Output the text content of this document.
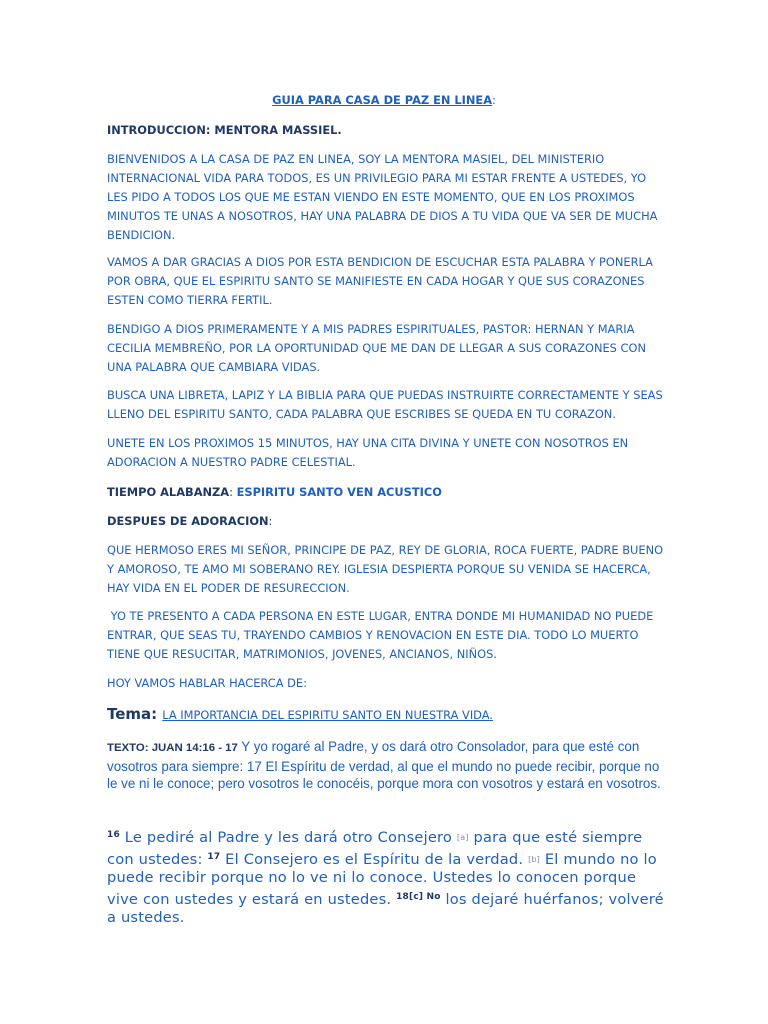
GUIA PARA CASA DE PAZ EN LINEA:

INTRODUCCION: MENTORA MASSIEL.

BIENVENIDOS A LA CASA DE PAZ EN LINEA, SOY LA MENTORA MASIEL, DEL MINISTERIO INTERNACIONAL VIDA PARA TODOS, ES UN PRIVILEGIO PARA MI ESTAR FRENTE A USTEDES, YO LES PIDO A TODOS LOS QUE ME ESTAN VIENDO EN ESTE MOMENTO, QUE EN LOS PROXIMOS MINUTOS TE UNAS A NOSOTROS, HAY UNA PALABRA DE DIOS A TU VIDA QUE VA SER DE MUCHA BENDICION.

VAMOS A DAR GRACIAS A DIOS POR ESTA BENDICION DE ESCUCHAR ESTA PALABRA Y PONERLA POR OBRA, QUE EL ESPIRITU SANTO SE MANIFIESTE EN CADA HOGAR Y QUE SUS CORAZONES ESTEN COMO TIERRA FERTIL.

BENDIGO A DIOS PRIMERAMENTE Y A MIS PADRES ESPIRITUALES, PASTOR: HERNAN Y MARIA CECILIA MEMBREÑO, POR LA OPORTUNIDAD QUE ME DAN DE LLEGAR A SUS CORAZONES CON UNA PALABRA QUE CAMBIARA VIDAS.

BUSCA UNA LIBRETA, LAPIZ Y LA BIBLIA PARA QUE PUEDAS INSTRUIRTE CORRECTAMENTE Y SEAS LLENO DEL ESPIRITU SANTO, CADA PALABRA QUE ESCRIBES SE QUEDA EN TU CORAZON.

UNETE EN LOS PROXIMOS 15 MINUTOS, HAY UNA CITA DIVINA Y UNETE CON NOSOTROS EN ADORACION A NUESTRO PADRE CELESTIAL.

TIEMPO ALABANZA: ESPIRITU SANTO VEN ACUSTICO

DESPUES DE ADORACION:

QUE HERMOSO ERES MI SEÑOR, PRINCIPE DE PAZ, REY DE GLORIA, ROCA FUERTE, PADRE BUENO Y AMOROSO, TE AMO MI SOBERANO REY. IGLESIA DESPIERTA PORQUE SU VENIDA SE HACERCA, HAY VIDA EN EL PODER DE RESURECCION.

YO TE PRESENTO A CADA PERSONA EN ESTE LUGAR, ENTRA DONDE MI HUMANIDAD NO PUEDE ENTRAR, QUE SEAS TU, TRAYENDO CAMBIOS Y RENOVACION EN ESTE DIA. TODO LO MUERTO TIENE QUE RESUCITAR, MATRIMONIOS, JOVENES, ANCIANOS, NIÑOS.

HOY VAMOS HABLAR HACERCA DE:

Tema: LA IMPORTANCIA DEL ESPIRITU SANTO EN NUESTRA VIDA.

TEXTO: JUAN 14:16 - 17 Y yo rogaré al Padre, y os dará otro Consolador, para que esté con vosotros para siempre: 17 El Espíritu de verdad, al que el mundo no puede recibir, porque no le ve ni le conoce; pero vosotros le conocéis, porque mora con vosotros y estará en vosotros.

$^{16}$ Le pediré al Padre y les dará otro Consejero [a] para que esté siempre con ustedes: $^{17}$ El Consejero es el Espíritu de la verdad. [b] El mundo no lo puede recibir porque no lo ve ni lo conoce. Ustedes lo conocen porque vive con ustedes y estará en ustedes. $^{18[c]}$ $^{No}$ los dejaré huérfanos; volveré a ustedes.
